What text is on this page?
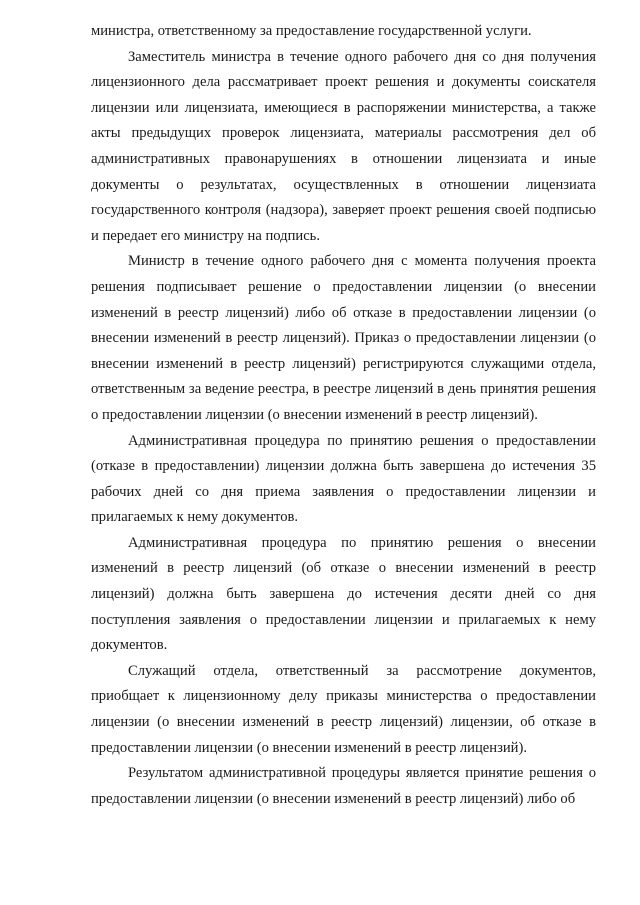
министра, ответственному за предоставление государственной услуги.

Заместитель министра в течение одного рабочего дня со дня получения лицензионного дела рассматривает проект решения и документы соискателя лицензии или лицензиата, имеющиеся в распоряжении министерства, а также акты предыдущих проверок лицензиата, материалы рассмотрения дел об административных правонарушениях в отношении лицензиата и иные документы о результатах, осуществленных в отношении лицензиата государственного контроля (надзора), заверяет проект решения своей подписью и передает его министру на подпись.

Министр в течение одного рабочего дня с момента получения проекта решения подписывает решение о предоставлении лицензии (о внесении изменений в реестр лицензий) либо об отказе в предоставлении лицензии (о внесении изменений в реестр лицензий). Приказ о предоставлении лицензии (о внесении изменений в реестр лицензий) регистрируются служащими отдела, ответственным за ведение реестра, в реестре лицензий в день принятия решения о предоставлении лицензии (о внесении изменений в реестр лицензий).

Административная процедура по принятию решения о предоставлении (отказе в предоставлении) лицензии должна быть завершена до истечения 35 рабочих дней со дня приема заявления о предоставлении лицензии и прилагаемых к нему документов.

Административная процедура по принятию решения о внесении изменений в реестр лицензий (об отказе о внесении изменений в реестр лицензий) должна быть завершена до истечения десяти дней со дня поступления заявления о предоставлении лицензии и прилагаемых к нему документов.

Служащий отдела, ответственный за рассмотрение документов, приобщает к лицензионному делу приказы министерства о предоставлении лицензии (о внесении изменений в реестр лицензий) лицензии, об отказе в предоставлении лицензии (о внесении изменений в реестр лицензий).

Результатом административной процедуры является принятие решения о предоставлении лицензии (о внесении изменений в реестр лицензий) либо об
